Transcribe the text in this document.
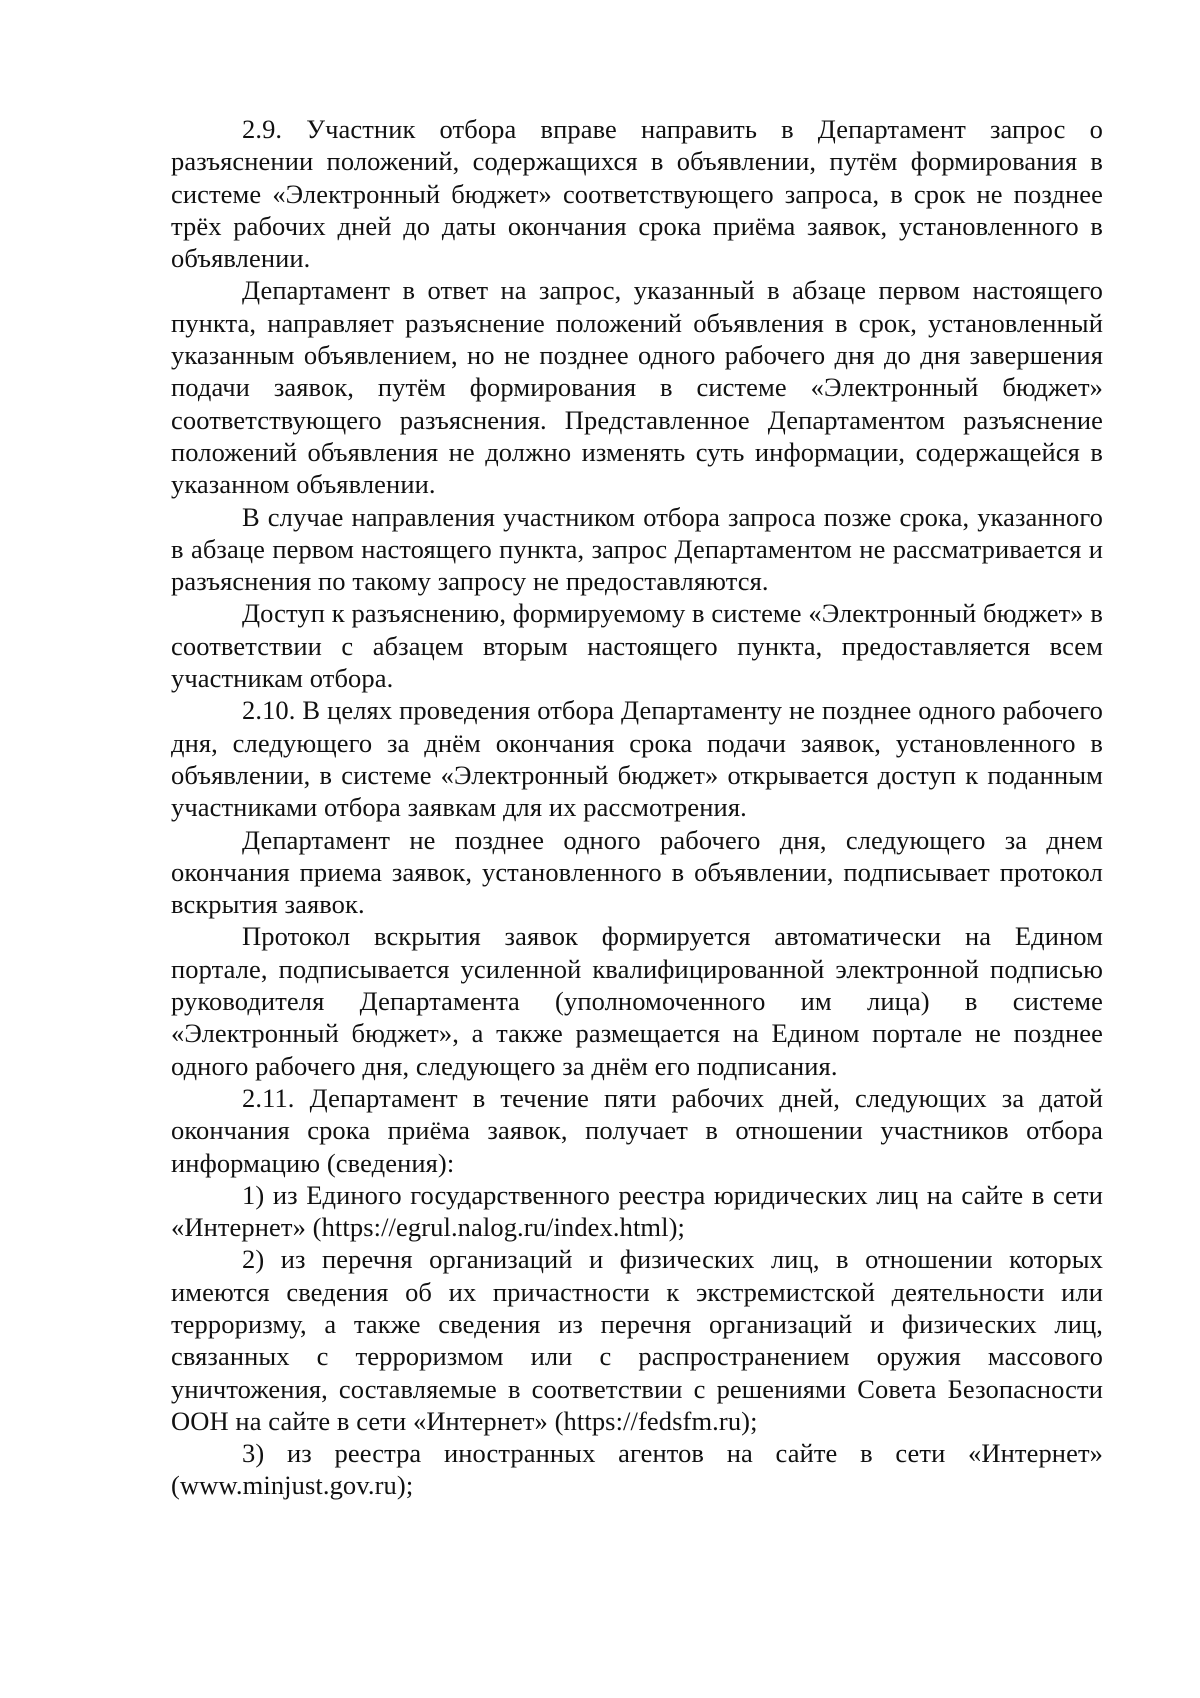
2.9. Участник отбора вправе направить в Департамент запрос о разъяснении положений, содержащихся в объявлении, путём формирования в системе «Электронный бюджет» соответствующего запроса, в срок не позднее трёх рабочих дней до даты окончания срока приёма заявок, установленного в объявлении.

Департамент в ответ на запрос, указанный в абзаце первом настоящего пункта, направляет разъяснение положений объявления в срок, установленный указанным объявлением, но не позднее одного рабочего дня до дня завершения подачи заявок, путём формирования в системе «Электронный бюджет» соответствующего разъяснения. Представленное Департаментом разъяснение положений объявления не должно изменять суть информации, содержащейся в указанном объявлении.

В случае направления участником отбора запроса позже срока, указанного в абзаце первом настоящего пункта, запрос Департаментом не рассматривается и разъяснения по такому запросу не предоставляются.

Доступ к разъяснению, формируемому в системе «Электронный бюджет» в соответствии с абзацем вторым настоящего пункта, предоставляется всем участникам отбора.

2.10. В целях проведения отбора Департаменту не позднее одного рабочего дня, следующего за днём окончания срока подачи заявок, установленного в объявлении, в системе «Электронный бюджет» открывается доступ к поданным участниками отбора заявкам для их рассмотрения.

Департамент не позднее одного рабочего дня, следующего за днем окончания приема заявок, установленного в объявлении, подписывает протокол вскрытия заявок.

Протокол вскрытия заявок формируется автоматически на Едином портале, подписывается усиленной квалифицированной электронной подписью руководителя Департамента (уполномоченного им лица) в системе «Электронный бюджет», а также размещается на Едином портале не позднее одного рабочего дня, следующего за днём его подписания.

2.11. Департамент в течение пяти рабочих дней, следующих за датой окончания срока приёма заявок, получает в отношении участников отбора информацию (сведения):

1) из Единого государственного реестра юридических лиц на сайте в сети «Интернет» (https://egrul.nalog.ru/index.html);

2) из перечня организаций и физических лиц, в отношении которых имеются сведения об их причастности к экстремистской деятельности или терроризму, а также сведения из перечня организаций и физических лиц, связанных с терроризмом или с распространением оружия массового уничтожения, составляемые в соответствии с решениями Совета Безопасности ООН на сайте в сети «Интернет» (https://fedsfm.ru);

3) из реестра иностранных агентов на сайте в сети «Интернет» (www.minjust.gov.ru);
